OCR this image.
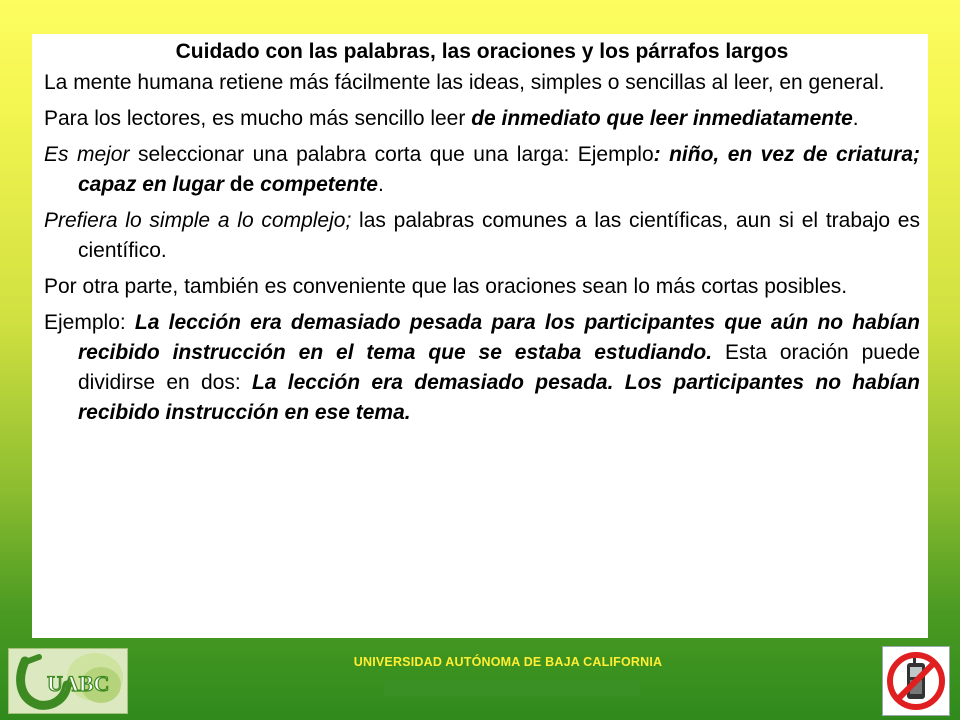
Cuidado con las palabras, las oraciones y los párrafos largos

La mente humana retiene más fácilmente las ideas, simples o sencillas al leer, en general.

Para los lectores, es mucho más sencillo leer de inmediato que leer inmediatamente.

Es mejor seleccionar una palabra corta que una larga: Ejemplo: niño, en vez de criatura; capaz en lugar de competente.

Prefiera lo simple a lo complejo; las palabras comunes a las científicas, aun si el trabajo es científico.

Por otra parte, también es conveniente que las oraciones sean lo más cortas posibles.

Ejemplo: La lección era demasiado pesada para los participantes que aún no habían recibido instrucción en el tema que se estaba estudiando. Esta oración puede dividirse en dos: La lección era demasiado pesada. Los participantes no habían recibido instrucción en ese tema.

UABC
UNIVERSIDAD AUTÓNOMA DE BAJA CALIFORNIA
